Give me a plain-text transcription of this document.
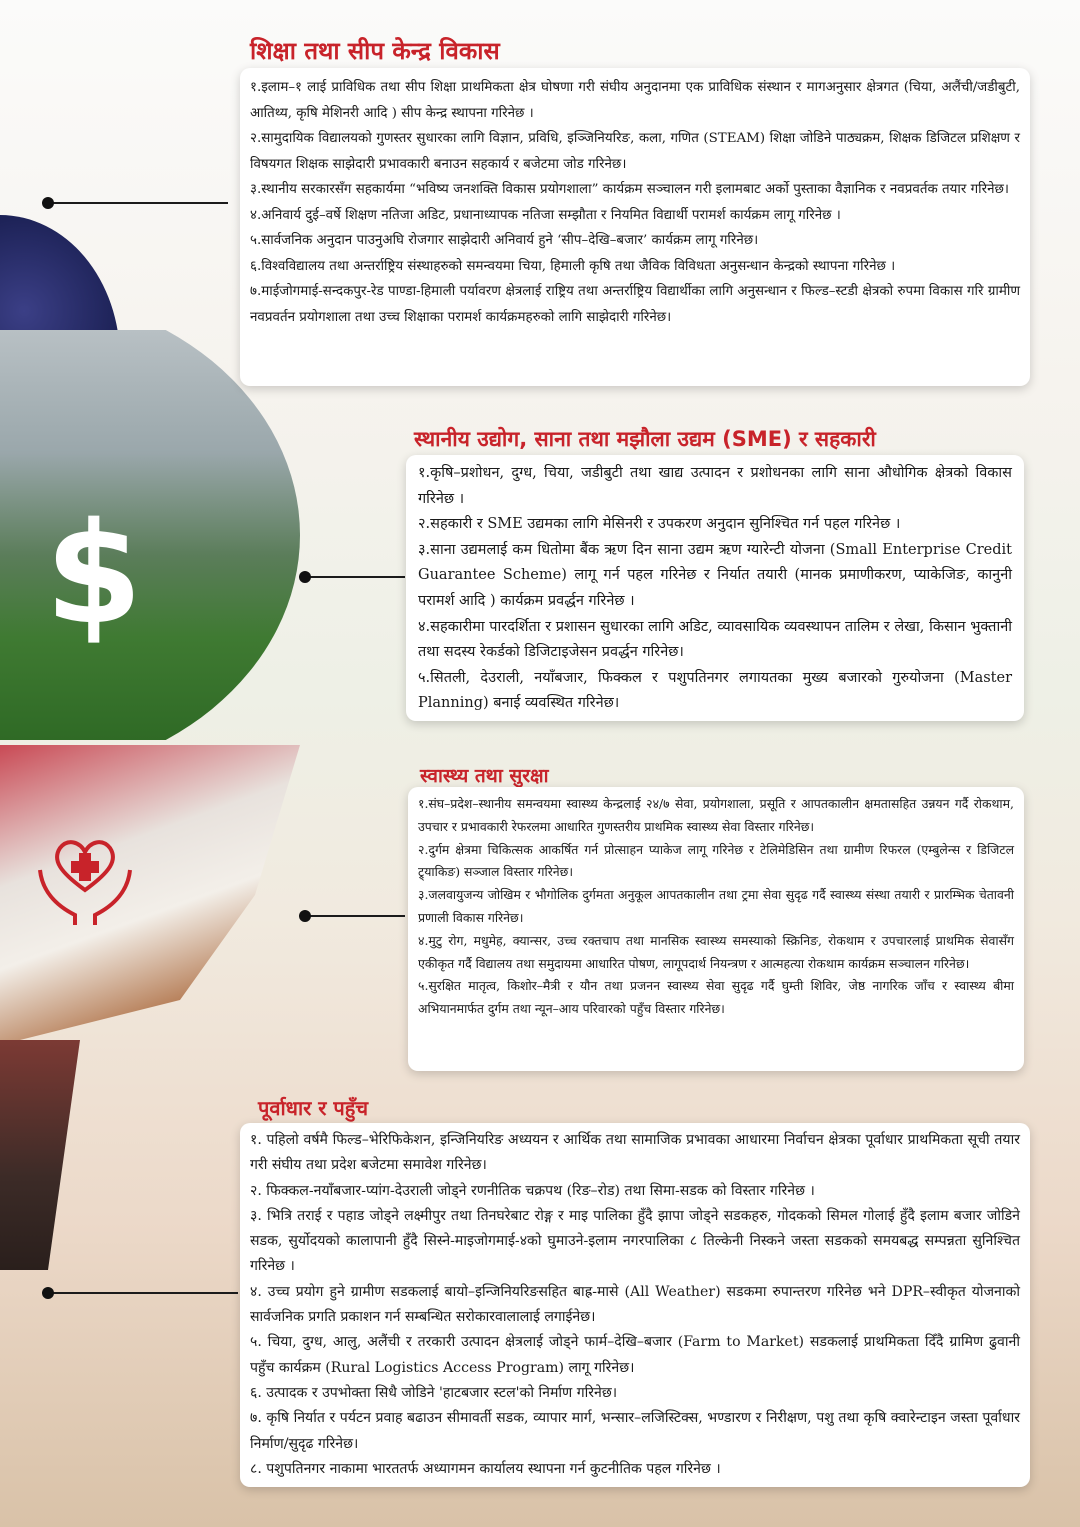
$
शिक्षा तथा सीप केन्द्र विकास

१.इलाम–१ लाई प्राविधिक तथा सीप शिक्षा प्राथमिकता क्षेत्र घोषणा गरी संघीय अनुदानमा एक प्राविधिक संस्थान र मागअनुसार क्षेत्रगत (चिया, अलैंची/जडीबुटी, आतिथ्य, कृषि मेशिनरी आदि ) सीप केन्द्र स्थापना गरिनेछ ।

२.सामुदायिक विद्यालयको गुणस्तर सुधारका लागि विज्ञान, प्रविधि, इञ्जिनियरिङ, कला, गणित (STEAM) शिक्षा जोडिने पाठ्यक्रम, शिक्षक डिजिटल प्रशिक्षण र विषयगत शिक्षक साझेदारी प्रभावकारी बनाउन सहकार्य र बजेटमा जोड गरिनेछ।

३.स्थानीय सरकारसँग सहकार्यमा “भविष्य जनशक्ति विकास प्रयोगशाला” कार्यक्रम सञ्चालन गरी इलामबाट अर्को पुस्ताका वैज्ञानिक र नवप्रवर्तक तयार गरिनेछ।

४.अनिवार्य दुई–वर्षे शिक्षण नतिजा अडिट, प्रधानाध्यापक नतिजा सम्झौता र नियमित विद्यार्थी परामर्श कार्यक्रम लागू गरिनेछ ।

५.सार्वजनिक अनुदान पाउनुअघि रोजगार साझेदारी अनिवार्य हुने ‘सीप–देखि–बजार’ कार्यक्रम लागू गरिनेछ।

६.विश्वविद्यालय तथा अन्तर्राष्ट्रिय संस्थाहरुको समन्वयमा चिया, हिमाली कृषि तथा जैविक विविधता अनुसन्धान केन्द्रको स्थापना गरिनेछ ।

७.माईजोगमाई-सन्दकपुर-रेड पाण्डा-हिमाली पर्यावरण क्षेत्रलाई राष्ट्रिय तथा अन्तर्राष्ट्रिय विद्यार्थीका लागि अनुसन्धान र फिल्ड–स्टडी क्षेत्रको रुपमा विकास गरि ग्रामीण नवप्रवर्तन प्रयोगशाला तथा उच्च शिक्षाका परामर्श कार्यक्रमहरुको लागि साझेदारी गरिनेछ।

स्थानीय उद्योग, साना तथा मझौला उद्यम (SME) र सहकारी

१.कृषि–प्रशोधन, दुग्ध, चिया, जडीबुटी तथा खाद्य उत्पादन र प्रशोधनका लागि साना औधोगिक क्षेत्रको विकास गरिनेछ ।

२.सहकारी र SME उद्यमका लागि मेसिनरी र उपकरण अनुदान सुनिश्चित गर्न पहल गरिनेछ ।

३.साना उद्यमलाई कम धितोमा बैंक ऋण दिन साना उद्यम ऋण ग्यारेन्टी योजना (Small Enterprise Credit Guarantee Scheme) लागू गर्न पहल गरिनेछ र निर्यात तयारी (मानक प्रमाणीकरण, प्याकेजिङ, कानुनी परामर्श आदि ) कार्यक्रम प्रवर्द्धन गरिनेछ ।

४.सहकारीमा पारदर्शिता र प्रशासन सुधारका लागि अडिट, व्यावसायिक व्यवस्थापन तालिम र लेखा, किसान भुक्तानी तथा सदस्य रेकर्डको डिजिटाइजेसन प्रवर्द्धन गरिनेछ।

५.सितली, देउराली, नयाँबजार, फिक्कल र पशुपतिनगर लगायतका मुख्य बजारको गुरुयोजना (Master Planning) बनाई व्यवस्थित गरिनेछ।

स्वास्थ्य तथा सुरक्षा

१.संघ–प्रदेश–स्थानीय समन्वयमा स्वास्थ्य केन्द्रलाई २४/७ सेवा, प्रयोगशाला, प्रसूति र आपतकालीन क्षमतासहित उन्नयन गर्दै रोकथाम, उपचार र प्रभावकारी रेफरलमा आधारित गुणस्तरीय प्राथमिक स्वास्थ्य सेवा विस्तार गरिनेछ।

२.दुर्गम क्षेत्रमा चिकित्सक आकर्षित गर्न प्रोत्साहन प्याकेज लागू गरिनेछ र टेलिमेडिसिन तथा ग्रामीण रिफरल (एम्बुलेन्स र डिजिटल ट्र्याकिङ) सञ्जाल विस्तार गरिनेछ।

३.जलवायुजन्य जोखिम र भौगोलिक दुर्गमता अनुकूल आपतकालीन तथा ट्रमा सेवा सुदृढ गर्दै स्वास्थ्य संस्था तयारी र प्रारम्भिक चेतावनी प्रणाली विकास गरिनेछ।

४.मुटु रोग, मधुमेह, क्यान्सर, उच्च रक्तचाप तथा मानसिक स्वास्थ्य समस्याको स्क्रिनिङ, रोकथाम र उपचारलाई प्राथमिक सेवासँग एकीकृत गर्दै विद्यालय तथा समुदायमा आधारित पोषण, लागूपदार्थ नियन्त्रण र आत्महत्या रोकथाम कार्यक्रम सञ्चालन गरिनेछ।

५.सुरक्षित मातृत्व, किशोर–मैत्री र यौन तथा प्रजनन स्वास्थ्य सेवा सुदृढ गर्दै घुम्ती शिविर, जेष्ठ नागरिक जाँच र स्वास्थ्य बीमा अभियानमार्फत दुर्गम तथा न्यून–आय परिवारको पहुँच विस्तार गरिनेछ।

पूर्वाधार र पहुँच

१. पहिलो वर्षमै फिल्ड–भेरिफिकेशन, इन्जिनियरिङ अध्ययन र आर्थिक तथा सामाजिक प्रभावका आधारमा निर्वाचन क्षेत्रका पूर्वाधार प्राथमिकता सूची तयार गरी संघीय तथा प्रदेश बजेटमा समावेश गरिनेछ।

२. फिक्कल-नयाँबजार-प्यांग-देउराली जोड्ने रणनीतिक चक्रपथ (रिङ–रोड) तथा सिमा-सडक को विस्तार गरिनेछ ।

३. भित्रि तराई र पहाड जोड्ने लक्ष्मीपुर तथा तिनघरेबाट रोङ्ग र माइ पालिका हुँदै झापा जोड्ने सडकहरु, गोदकको सिमल गोलाई हुँदै इलाम बजार जोडिने सडक, सुर्योदयको कालापानी हुँदै सिस्ने-माइजोगमाई-४को घुमाउने-इलाम नगरपालिका ८ तिल्केनी निस्कने जस्ता सडकको समयबद्ध सम्पन्नता सुनिश्चित गरिनेछ ।

४. उच्च प्रयोग हुने ग्रामीण सडकलाई बायो–इन्जिनियरिङसहित बाह्र-मासे (All Weather) सडकमा रुपान्तरण गरिनेछ भने DPR–स्वीकृत योजनाको सार्वजनिक प्रगति प्रकाशन गर्न सम्बन्धित सरोकारवालालाई लगाईनेछ।

५. चिया, दुग्ध, आलु, अलैंची र तरकारी उत्पादन क्षेत्रलाई जोड्ने फार्म–देखि–बजार (Farm to Market) सडकलाई प्राथमिकता दिँदै ग्रामिण ढुवानी पहुँच कार्यक्रम (Rural Logistics Access Program) लागू गरिनेछ।

६. उत्पादक र उपभोक्ता सिधै जोडिने 'हाटबजार स्टल'को निर्माण गरिनेछ।

७. कृषि निर्यात र पर्यटन प्रवाह बढाउन सीमावर्ती सडक, व्यापार मार्ग, भन्सार–लजिस्टिक्स, भण्डारण र निरीक्षण, पशु तथा कृषि क्वारेन्टाइन जस्ता पूर्वाधार निर्माण/सुदृढ गरिनेछ।

८. पशुपतिनगर नाकामा भारततर्फ अध्यागमन कार्यालय स्थापना गर्न कुटनीतिक पहल गरिनेछ ।
